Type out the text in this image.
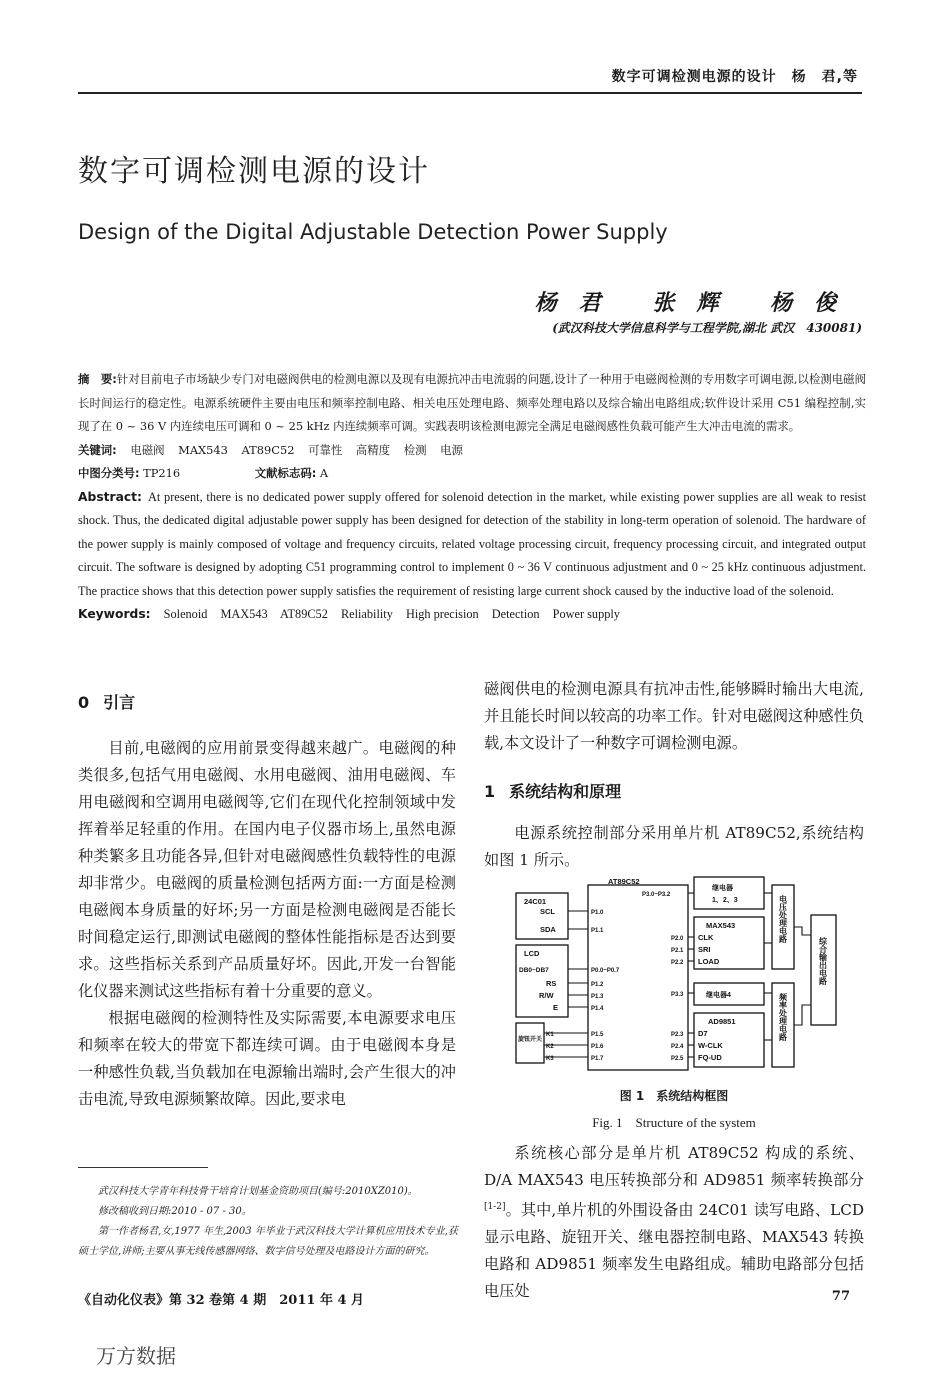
数字可调检测电源的设计　杨　君,等
数字可调检测电源的设计
Design of the Digital Adjustable Detection Power Supply
杨君 张辉 杨俊
(武汉科技大学信息科学与工程学院,湖北 武汉　430081)

摘　要:针对目前电子市场缺少专门对电磁阀供电的检测电源以及现有电源抗冲击电流弱的问题,设计了一种用于电磁阀检测的专用数字可调电源,以检测电磁阀长时间运行的稳定性。电源系统硬件主要由电压和频率控制电路、相关电压处理电路、频率处理电路以及综合输出电路组成;软件设计采用 C51 编程控制,实现了在 0 ~ 36 V 内连续电压可调和 0 ~ 25 kHz 内连续频率可调。实践表明该检测电源完全满足电磁阀感性负载可能产生大冲击电流的需求。

关键词: 电磁阀 MAX543 AT89C52 可靠性 高精度 检测 电源

中图分类号: TP216	文献标志码: A

Abstract: At present, there is no dedicated power supply offered for solenoid detection in the market, while existing power supplies are all weak to resist shock. Thus, the dedicated digital adjustable power supply has been designed for detection of the stability in long-term operation of solenoid. The hardware of the power supply is mainly composed of voltage and frequency circuits, related voltage processing circuit, frequency processing circuit, and integrated output circuit. The software is designed by adopting C51 programming control to implement 0 ~ 36 V continuous adjustment and 0 ~ 25 kHz continuous adjustment. The practice shows that this detection power supply satisfies the requirement of resisting large current shock caused by the inductive load of the solenoid.

Keywords: Solenoid MAX543 AT89C52 Reliability High precision Detection Power supply

0 引言

目前,电磁阀的应用前景变得越来越广。电磁阀的种类很多,包括气用电磁阀、水用电磁阀、油用电磁阀、车用电磁阀和空调用电磁阀等,它们在现代化控制领域中发挥着举足轻重的作用。在国内电子仪器市场上,虽然电源种类繁多且功能各异,但针对电磁阀感性负载特性的电源却非常少。电磁阀的质量检测包括两方面:一方面是检测电磁阀本身质量的好坏;另一方面是检测电磁阀是否能长时间稳定运行,即测试电磁阀的整体性能指标是否达到要求。这些指标关系到产品质量好坏。因此,开发一台智能化仪器来测试这些指标有着十分重要的意义。

根据电磁阀的检测特性及实际需要,本电源要求电压和频率在较大的带宽下都连续可调。由于电磁阀本身是一种感性负载,当负载加在电源输出端时,会产生很大的冲击电流,导致电源频繁故障。因此,要求电

磁阀供电的检测电源具有抗冲击性,能够瞬时输出大电流,并且能长时间以较高的功率工作。针对电磁阀这种感性负载,本文设计了一种数字可调检测电源。

1 系统结构和原理

电源系统控制部分采用单片机 AT89C52,系统结构如图 1 所示。

AT89C52
P3.0~P3.2
24C01
SCL
SDA
P1.0
P1.1
LCD
DB0~DB7
RS
R/W
E
P0.0~P0.7
P1.2
P1.3
P1.4
旋钮开关
K1
K2
K3
P1.5
P1.6
P1.7
继电器
1、2、3
MAX543
CLK
SRI
LOAD
P2.0
P2.1
P2.2
P3.3	继电器4
AD9851
D7
W-CLK
FQ-UD
P2.3
P2.4
P2.5
电压处理电路
频率处理电路
综合输出电路
图 1　系统结构框图
Fig. 1　Structure of the system

系统核心部分是单片机 AT89C52 构成的系统、D/A MAX543 电压转换部分和 AD9851 频率转换部分[1-2]。其中,单片机的外围设备由 24C01 读写电路、LCD 显示电路、旋钮开关、继电器控制电路、MAX543 转换电路和 AD9851 频率发生电路组成。辅助电路部分包括电压处

武汉科技大学青年科技骨干培育计划基金资助项目(编号:2010XZ010)。

修改稿收到日期:2010 - 07 - 30。

第一作者杨君,女,1977 年生,2003 年毕业于武汉科技大学计算机应用技术专业,获硕士学位,讲师;主要从事无线传感器网络、数字信号处理及电路设计方面的研究。

《自动化仪表》第 32 卷第 4 期　2011 年 4 月	77
万方数据
